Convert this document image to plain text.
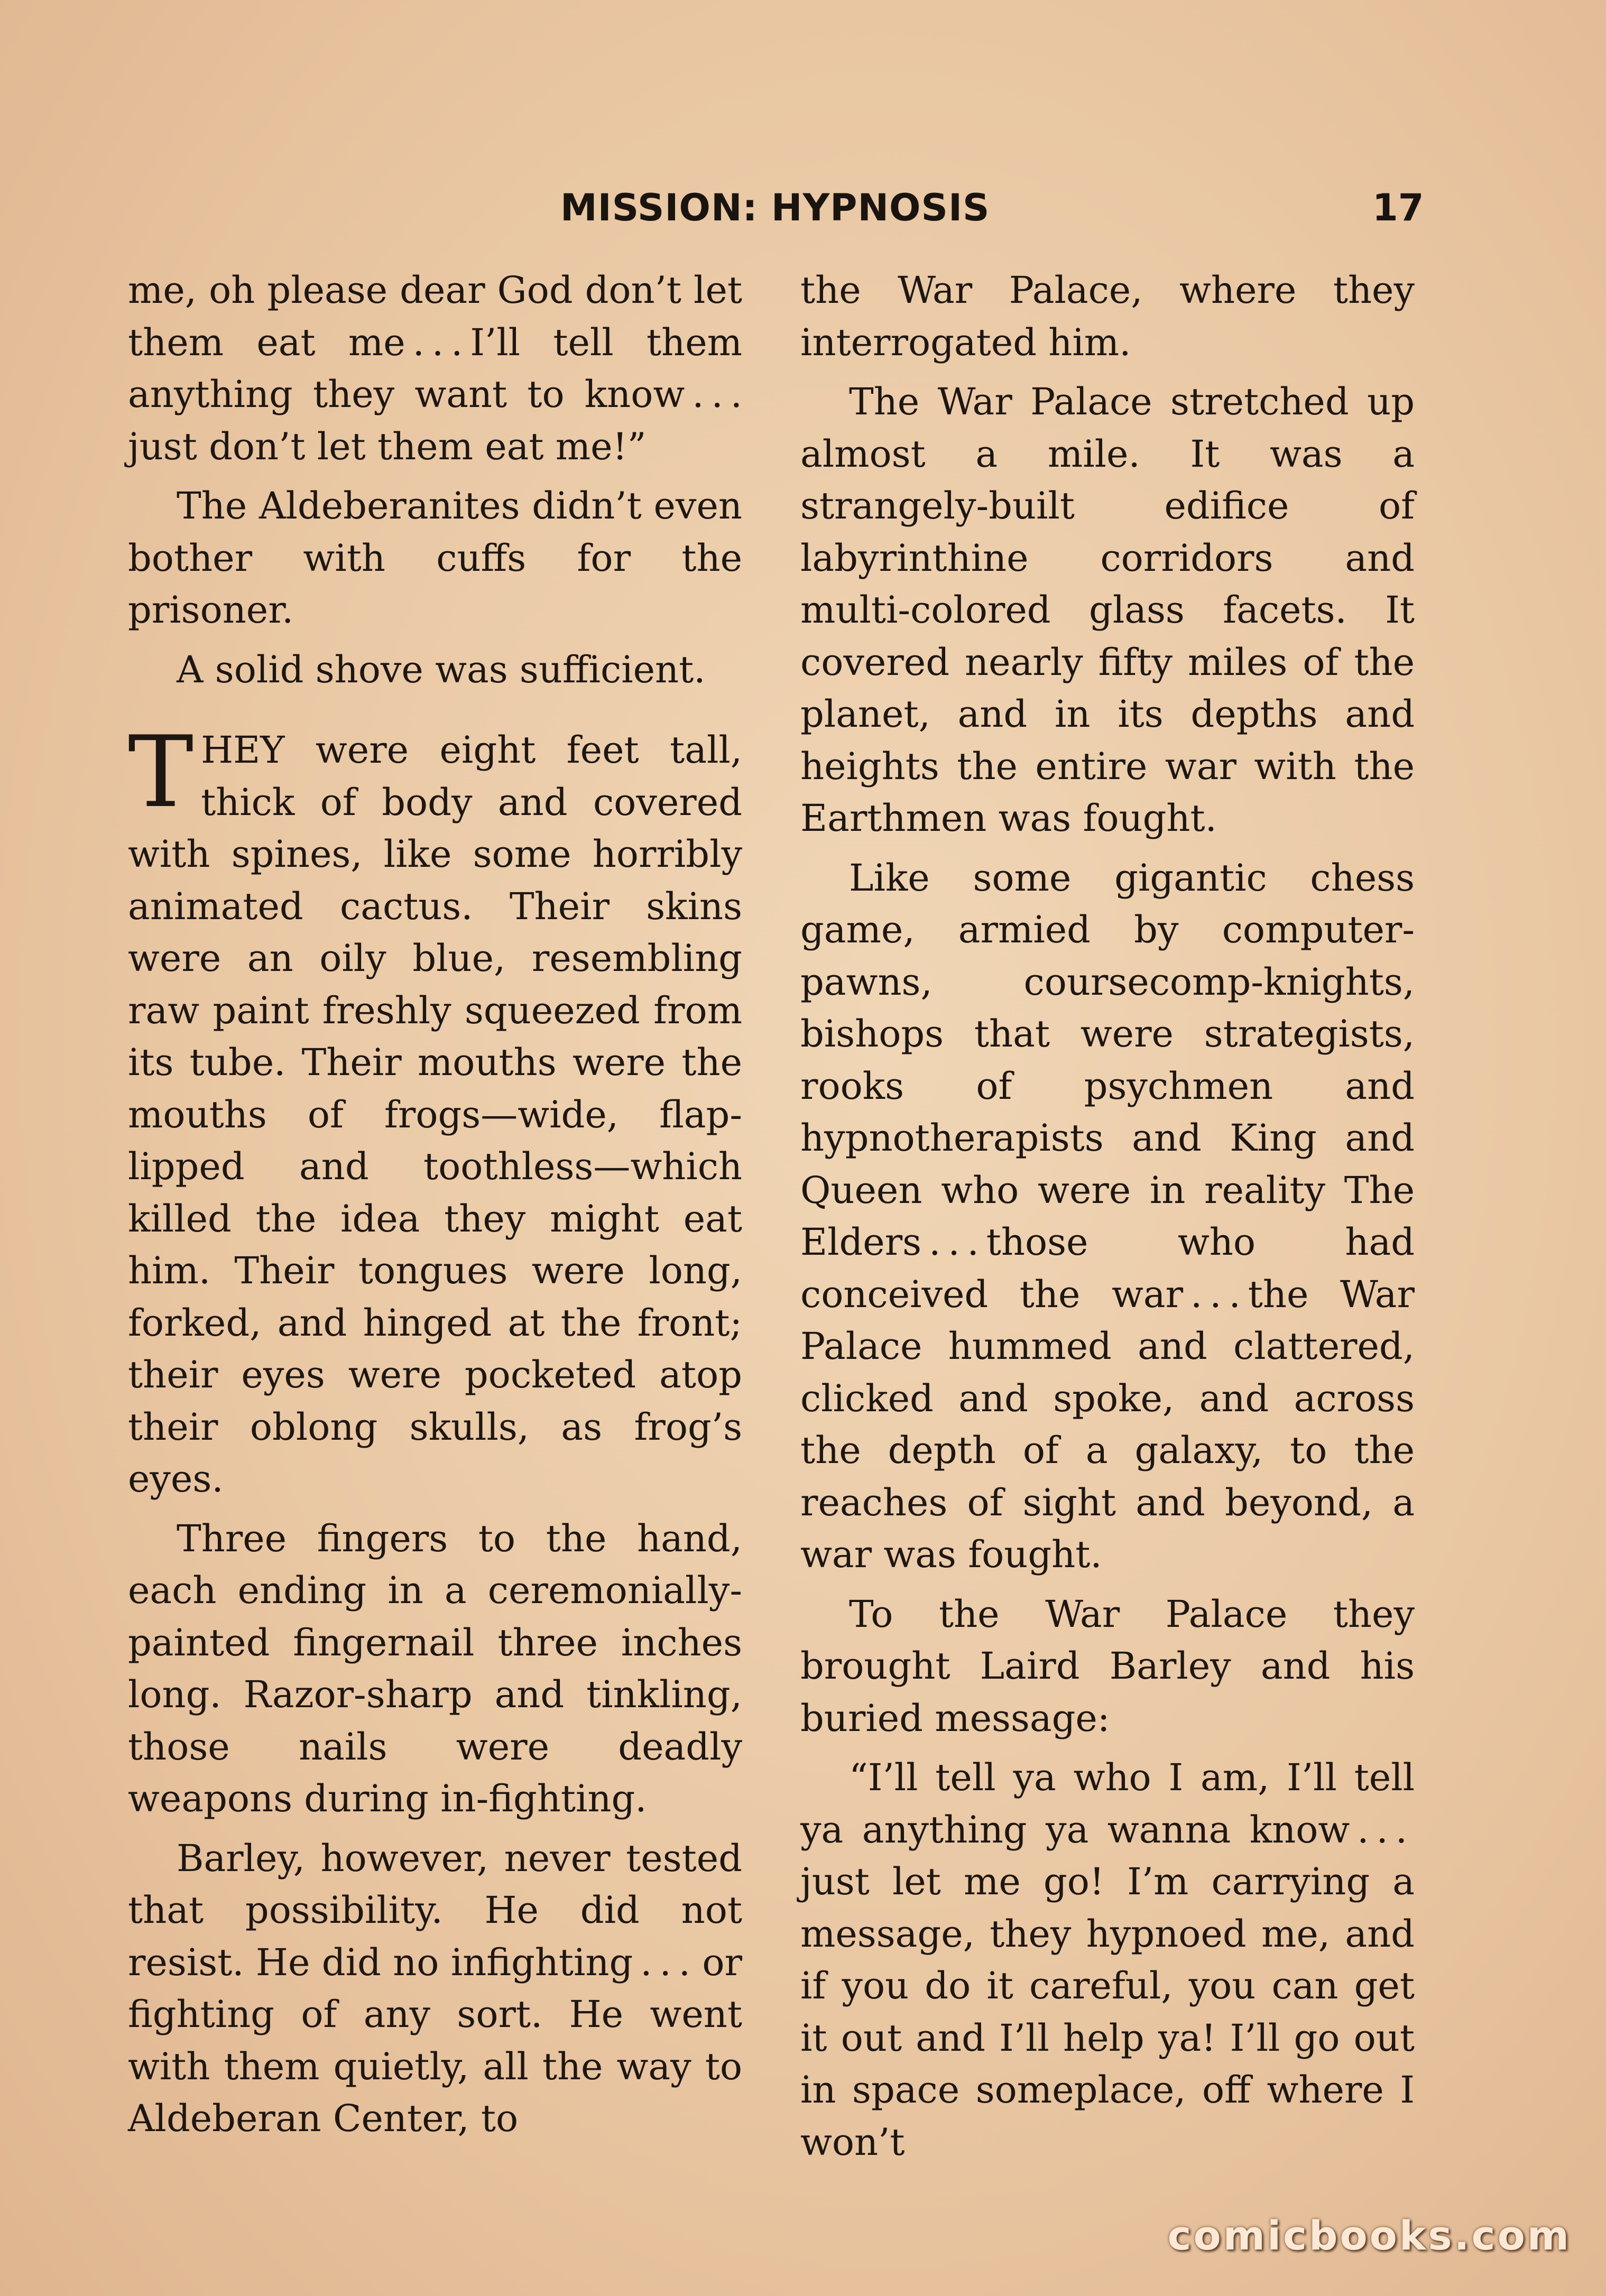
MISSION: HYPNOSIS	17

me, oh please dear God don’t let them eat me . . . I’ll tell them anything they want to know . . . just don’t let them eat me!”

The Aldeberanites didn’t even bother with cuffs for the prisoner.

A solid shove was sufficient.

THEY were eight feet tall, thick of body and covered with spines, like some horribly animated cactus. Their skins were an oily blue, resembling raw paint freshly squeezed from its tube. Their mouths were the mouths of frogs—wide, flap-lipped and toothless—which killed the idea they might eat him. Their tongues were long, forked, and hinged at the front; their eyes were pocketed atop their oblong skulls, as frog’s eyes.

Three fingers to the hand, each ending in a ceremonially-painted fingernail three inches long. Razor-sharp and tinkling, those nails were deadly weapons during in-fighting.

Barley, however, never tested that possibility. He did not resist. He did no infighting . . . or fighting of any sort. He went with them quietly, all the way to Aldeberan Center, to

the War Palace, where they interrogated him.

The War Palace stretched up almost a mile. It was a strangely-built edifice of labyrinthine corridors and multi-colored glass facets. It covered nearly fifty miles of the planet, and in its depths and heights the entire war with the Earthmen was fought.

Like some gigantic chess game, armied by computer-pawns, coursecomp-knights, bishops that were strategists, rooks of psychmen and hypnotherapists and King and Queen who were in reality The Elders . . . those who had conceived the war . . . the War Palace hummed and clattered, clicked and spoke, and across the depth of a galaxy, to the reaches of sight and beyond, a war was fought.

To the War Palace they brought Laird Barley and his buried message:

“I’ll tell ya who I am, I’ll tell ya anything ya wanna know . . . just let me go! I’m carrying a message, they hypnoed me, and if you do it careful, you can get it out and I’ll help ya! I’ll go out in space someplace, off where I won’t

comicbooks.com
